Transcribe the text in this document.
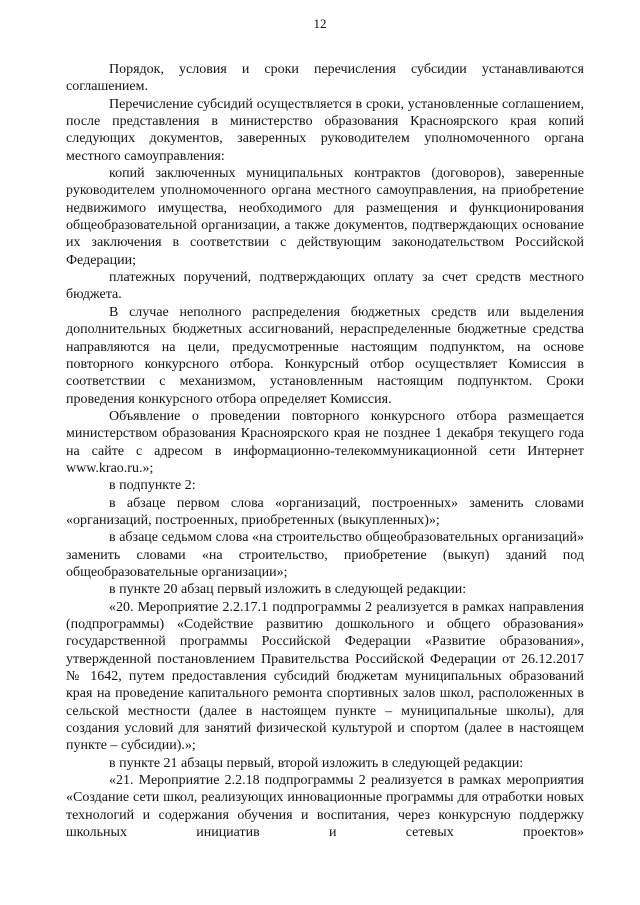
12

Порядок, условия и сроки перечисления субсидии устанавливаются соглашением.

Перечисление субсидий осуществляется в сроки, установленные соглашением, после представления в министерство образования Красноярского края копий следующих документов, заверенных руководителем уполномоченного органа местного самоуправления:

копий заключенных муниципальных контрактов (договоров), заверенные руководителем уполномоченного органа местного самоуправления, на приобретение недвижимого имущества, необходимого для размещения и функционирования общеобразовательной организации, а также документов, подтверждающих основание их заключения в соответствии с действующим законодательством Российской Федерации;

платежных поручений, подтверждающих оплату за счет средств местного бюджета.

В случае неполного распределения бюджетных средств или выделения дополнительных бюджетных ассигнований, нераспределенные бюджетные средства направляются на цели, предусмотренные настоящим подпунктом, на основе повторного конкурсного отбора. Конкурсный отбор осуществляет Комиссия в соответствии с механизмом, установленным настоящим подпунктом. Сроки проведения конкурсного отбора определяет Комиссия.

Объявление о проведении повторного конкурсного отбора размещается министерством образования Красноярского края не позднее 1 декабря текущего года на сайте с адресом в информационно-телекоммуникационной сети Интернет www.krao.ru.»;

в подпункте 2:

в абзаце первом слова «организаций, построенных» заменить словами «организаций, построенных, приобретенных (выкупленных)»;

в абзаце седьмом слова «на строительство общеобразовательных организаций» заменить словами «на строительство, приобретение (выкуп) зданий под общеобразовательные организации»;

в пункте 20 абзац первый изложить в следующей редакции:

«20. Мероприятие 2.2.17.1 подпрограммы 2 реализуется в рамках направления (подпрограммы) «Содействие развитию дошкольного и общего образования» государственной программы Российской Федерации «Развитие образования», утвержденной постановлением Правительства Российской Федерации от 26.12.2017 № 1642, путем предоставления субсидий бюджетам муниципальных образований края на проведение капитального ремонта спортивных залов школ, расположенных в сельской местности (далее в настоящем пункте – муниципальные школы), для создания условий для занятий физической культурой и спортом (далее в настоящем пункте – субсидии).»;

в пункте 21 абзацы первый, второй изложить в следующей редакции:

«21. Мероприятие 2.2.18 подпрограммы 2 реализуется в рамках мероприятия «Создание сети школ, реализующих инновационные программы для отработки новых технологий и содержания обучения и воспитания, через конкурсную поддержку школьных инициатив и сетевых проектов»
